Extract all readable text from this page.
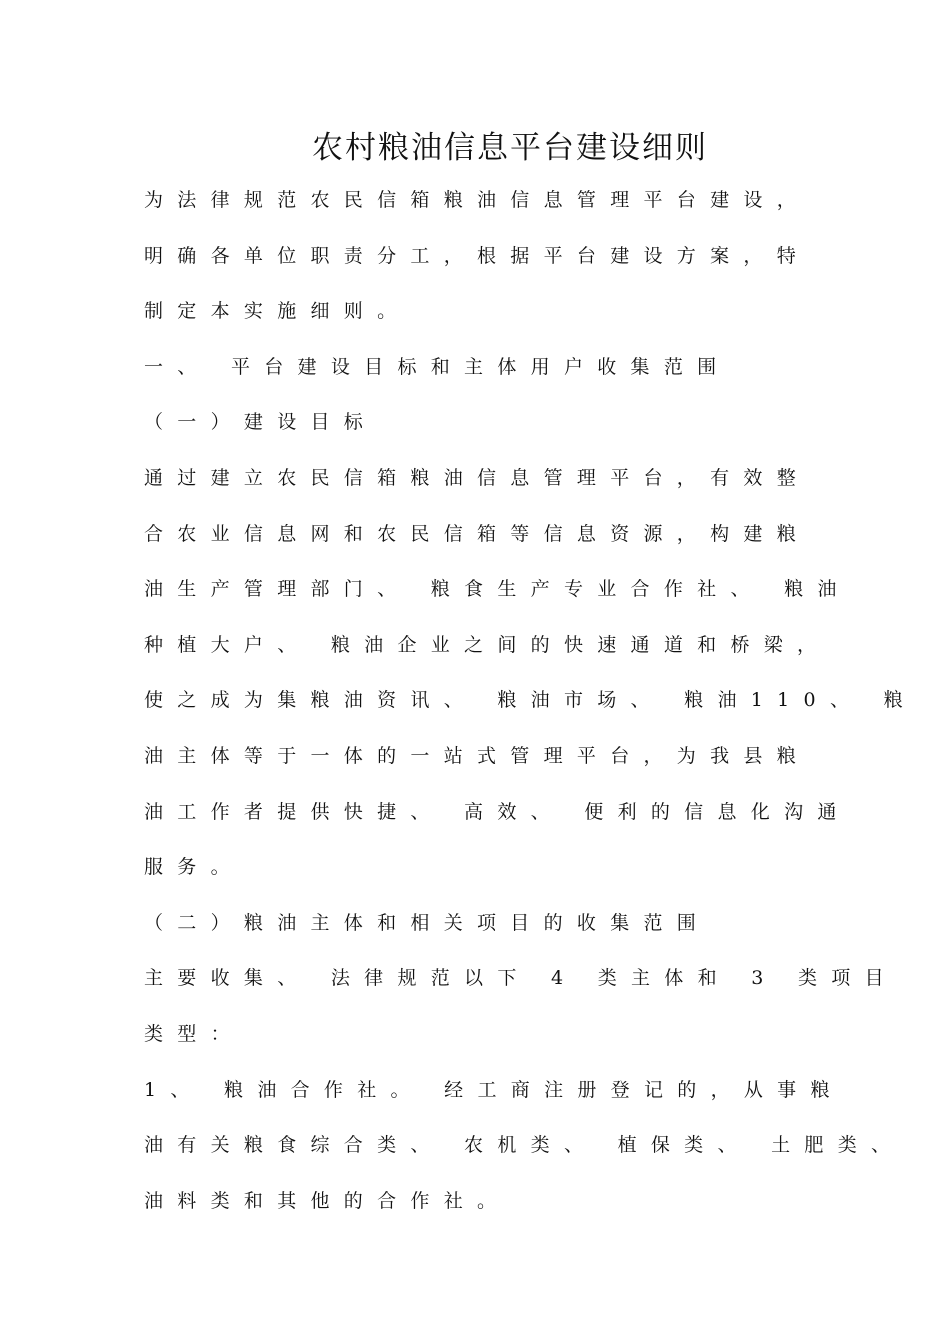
农村粮油信息平台建设细则
为法律规范农民信箱粮油信息管理平台建设，
明确各单位职责分工，根据平台建设方案，特
制定本实施细则。
一、 平台建设目标和主体用户收集范围
（一）建设目标
通过建立农民信箱粮油信息管理平台，有效整
合农业信息网和农民信箱等信息资源，构建粮
油生产管理部门、 粮食生产专业合作社、 粮油
种植大户、 粮油企业之间的快速通道和桥梁，
使之成为集粮油资讯、 粮油市场、 粮油110、 粮
油主体等于一体的一站式管理平台，为我县粮
油工作者提供快捷、 高效、 便利的信息化沟通
服务。
（二）粮油主体和相关项目的收集范围
主要收集、 法律规范以下 4 类主体和 3 类项目
类型：
1、 粮油合作社。 经工商注册登记的，从事粮
油有关粮食综合类、 农机类、 植保类、 土肥类、
油料类和其他的合作社。
